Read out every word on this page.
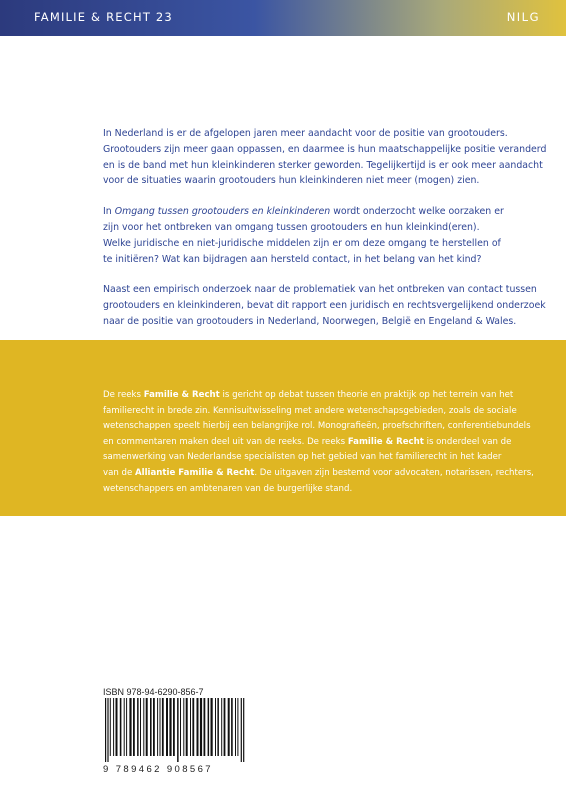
FAMILIE & RECHT 23	NILG

In Nederland is er de afgelopen jaren meer aandacht voor de positie van grootouders.
Grootouders zijn meer gaan oppassen, en daarmee is hun maatschappelijke positie veranderd
en is de band met hun kleinkinderen sterker geworden. Tegelijkertijd is er ook meer aandacht
voor de situaties waarin grootouders hun kleinkinderen niet meer (mogen) zien.

In Omgang tussen grootouders en kleinkinderen wordt onderzocht welke oorzaken er
zijn voor het ontbreken van omgang tussen grootouders en hun kleinkind(eren).
Welke juridische en niet-juridische middelen zijn er om deze omgang te herstellen of
te initiëren? Wat kan bijdragen aan hersteld contact, in het belang van het kind?

Naast een empirisch onderzoek naar de problematiek van het ontbreken van contact tussen
grootouders en kleinkinderen, bevat dit rapport een juridisch en rechtsvergelijkend onderzoek
naar de positie van grootouders in Nederland, Noorwegen, België en Engeland & Wales.

De reeks Familie & Recht is gericht op debat tussen theorie en praktijk op het terrein van het
familierecht in brede zin. Kennisuitwisseling met andere wetenschapsgebieden, zoals de sociale
wetenschappen speelt hierbij een belangrijke rol. Monografieën, proefschriften, conferentiebundels
en commentaren maken deel uit van de reeks. De reeks Familie & Recht is onderdeel van de
samenwerking van Nederlandse specialisten op het gebied van het familierecht in het kader
van de Alliantie Familie & Recht. De uitgaven zijn bestemd voor advocaten, notarissen, rechters,
wetenschappers en ambtenaren van de burgerlijke stand.
ISBN 978-94-6290-856-7
9 789462 908567
